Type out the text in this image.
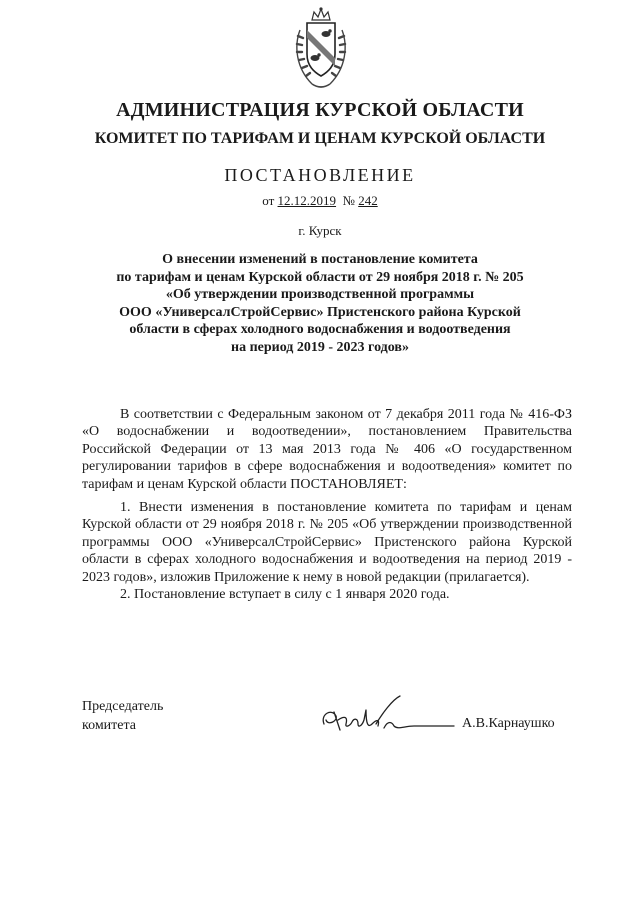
АДМИНИСТРАЦИЯ КУРСКОЙ ОБЛАСТИ
КОМИТЕТ ПО ТАРИФАМ И ЦЕНАМ КУРСКОЙ ОБЛАСТИ
ПОСТАНОВЛЕНИЕ
от 12.12.2019 № 242
г. Курск
О внесении изменений в постановление комитета
по тарифам и ценам Курской области от 29 ноября 2018 г. № 205
«Об утверждении производственной программы
ООО «УниверсалСтройСервис» Пристенского района Курской
области в сферах холодного водоснабжения и водоотведения
на период 2019 - 2023 годов»

В соответствии с Федеральным законом от 7 декабря 2011 года № 416-ФЗ «О водоснабжении и водоотведении», постановлением Правительства Российской Федерации от 13 мая 2013 года № 406 «О государственном регулировании тарифов в сфере водоснабжения и водоотведения» комитет по тарифам и ценам Курской области ПОСТАНОВЛЯЕТ:

1. Внести изменения в постановление комитета по тарифам и ценам Курской области от 29 ноября 2018 г. № 205 «Об утверждении производственной программы ООО «УниверсалСтройСервис» Пристенского района Курской области в сферах холодного водоснабжения и водоотведения на период 2019 - 2023 годов», изложив Приложение к нему в новой редакции (прилагается).

2. Постановление вступает в силу с 1 января 2020 года.

Председатель
комитета	А.В.Карнаушко
